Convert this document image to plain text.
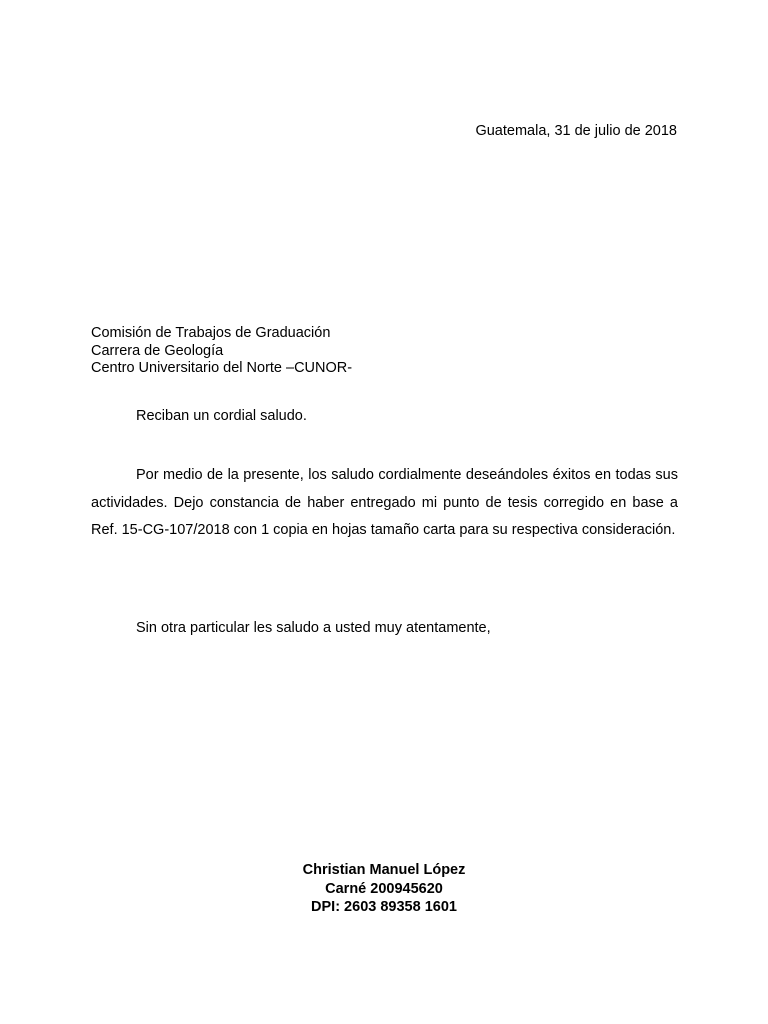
Guatemala, 31 de julio de 2018
Comisión de Trabajos de Graduación
Carrera de Geología
Centro Universitario del Norte –CUNOR-
Reciban un cordial saludo.

Por medio de la presente, los saludo cordialmente deseándoles éxitos en todas sus actividades. Dejo constancia de haber entregado mi punto de tesis corregido en base a Ref. 15-CG-107/2018 con 1 copia en hojas tamaño carta para su respectiva consideración.

Sin otra particular les saludo a usted muy atentamente,
Christian Manuel López
Carné 200945620
DPI: 2603 89358 1601
